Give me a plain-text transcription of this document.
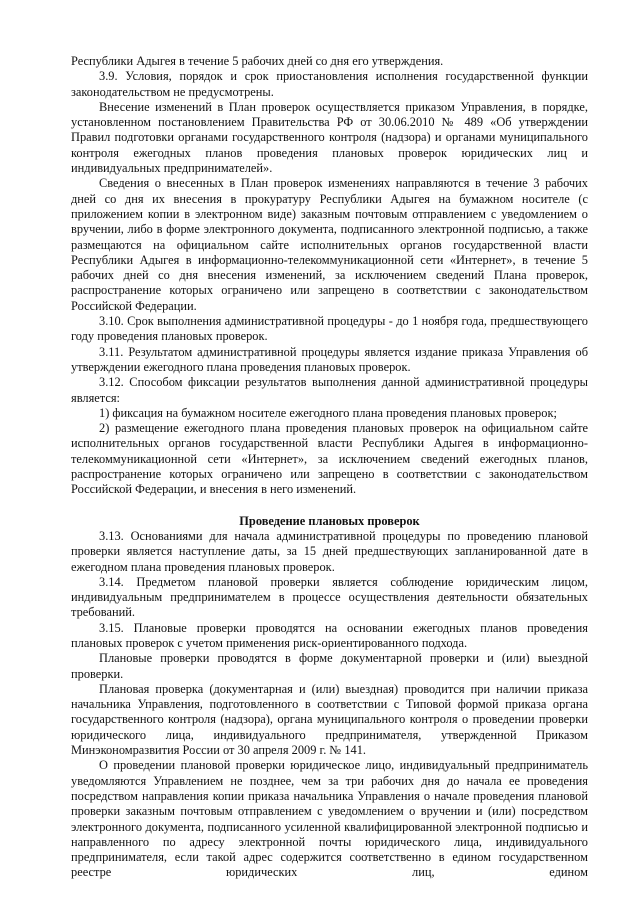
Республики Адыгея в течение 5 рабочих дней со дня его утверждения.

3.9. Условия, порядок и срок приостановления исполнения государственной функции законодательством не предусмотрены.

Внесение изменений в План проверок осуществляется приказом Управления, в порядке, установленном постановлением Правительства РФ от 30.06.2010 № 489 «Об утверждении Правил подготовки органами государственного контроля (надзора) и органами муниципального контроля ежегодных планов проведения плановых проверок юридических лиц и индивидуальных предпринимателей».

Сведения о внесенных в План проверок изменениях направляются в течение 3 рабочих дней со дня их внесения в прокуратуру Республики Адыгея на бумажном носителе (с приложением копии в электронном виде) заказным почтовым отправлением с уведомлением о вручении, либо в форме электронного документа, подписанного электронной подписью, а также размещаются на официальном сайте исполнительных органов государственной власти Республики Адыгея в информационно-телекоммуникационной сети «Интернет», в течение 5 рабочих дней со дня внесения изменений, за исключением сведений Плана проверок, распространение которых ограничено или запрещено в соответствии с законодательством Российской Федерации.

3.10. Срок выполнения административной процедуры - до 1 ноября года, предшествующего году проведения плановых проверок.

3.11. Результатом административной процедуры является издание приказа Управления об утверждении ежегодного плана проведения плановых проверок.

3.12. Способом фиксации результатов выполнения данной административной процедуры является:

1) фиксация на бумажном носителе ежегодного плана проведения плановых проверок;

2) размещение ежегодного плана проведения плановых проверок на официальном сайте исполнительных органов государственной власти Республики Адыгея в информационно-телекоммуникационной сети «Интернет», за исключением сведений ежегодных планов, распространение которых ограничено или запрещено в соответствии с законодательством Российской Федерации, и внесения в него изменений.

Проведение плановых проверок

3.13. Основаниями для начала административной процедуры по проведению плановой проверки является наступление даты, за 15 дней предшествующих запланированной дате в ежегодном плана проведения плановых проверок.

3.14. Предметом плановой проверки является соблюдение юридическим лицом, индивидуальным предпринимателем в процессе осуществления деятельности обязательных требований.

3.15. Плановые проверки проводятся на основании ежегодных планов проведения плановых проверок с учетом применения риск-ориентированного подхода.

Плановые проверки проводятся в форме документарной проверки и (или) выездной проверки.

Плановая проверка (документарная и (или) выездная) проводится при наличии приказа начальника Управления, подготовленного в соответствии с Типовой формой приказа органа государственного контроля (надзора), органа муниципального контроля о проведении проверки юридического лица, индивидуального предпринимателя, утвержденной Приказом Минэкономразвития России от 30 апреля 2009 г. № 141.

О проведении плановой проверки юридическое лицо, индивидуальный предприниматель уведомляются Управлением не позднее, чем за три рабочих дня до начала ее проведения посредством направления копии приказа начальника Управления о начале проведения плановой проверки заказным почтовым отправлением с уведомлением о вручении и (или) посредством электронного документа, подписанного усиленной квалифицированной электронной подписью и направленного по адресу электронной почты юридического лица, индивидуального предпринимателя, если такой адрес содержится соответственно в едином государственном реестре юридических лиц, едином
